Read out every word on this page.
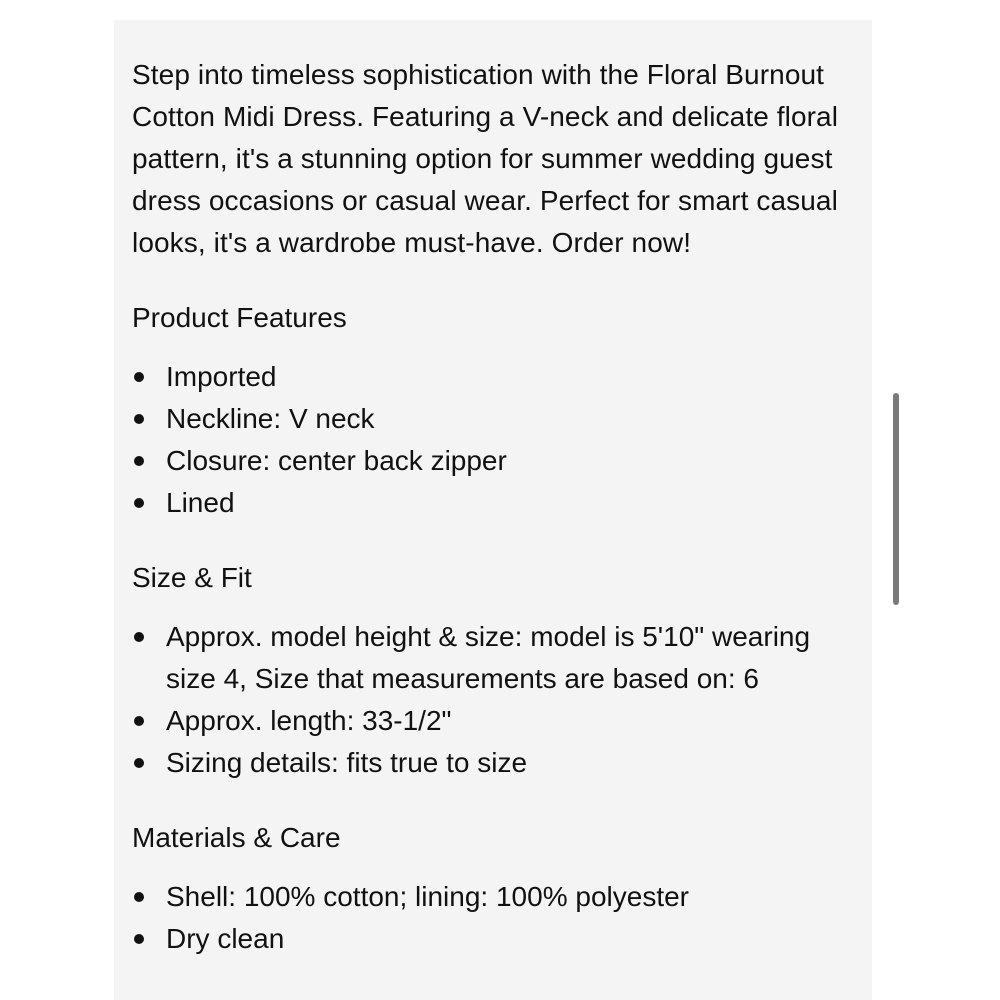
Step into timeless sophistication with the Floral Burnout Cotton Midi Dress. Featuring a V-neck and delicate floral pattern, it's a stunning option for summer wedding guest dress occasions or casual wear. Perfect for smart casual looks, it's a wardrobe must-have. Order now!

Product Features
Imported
Neckline: V neck
Closure: center back zipper
Lined
Size & Fit
Approx. model height & size: model is 5'10" wearing size 4, Size that measurements are based on: 6
Approx. length: 33-1/2"
Sizing details: fits true to size
Materials & Care
Shell: 100% cotton; lining: 100% polyester
Dry clean
